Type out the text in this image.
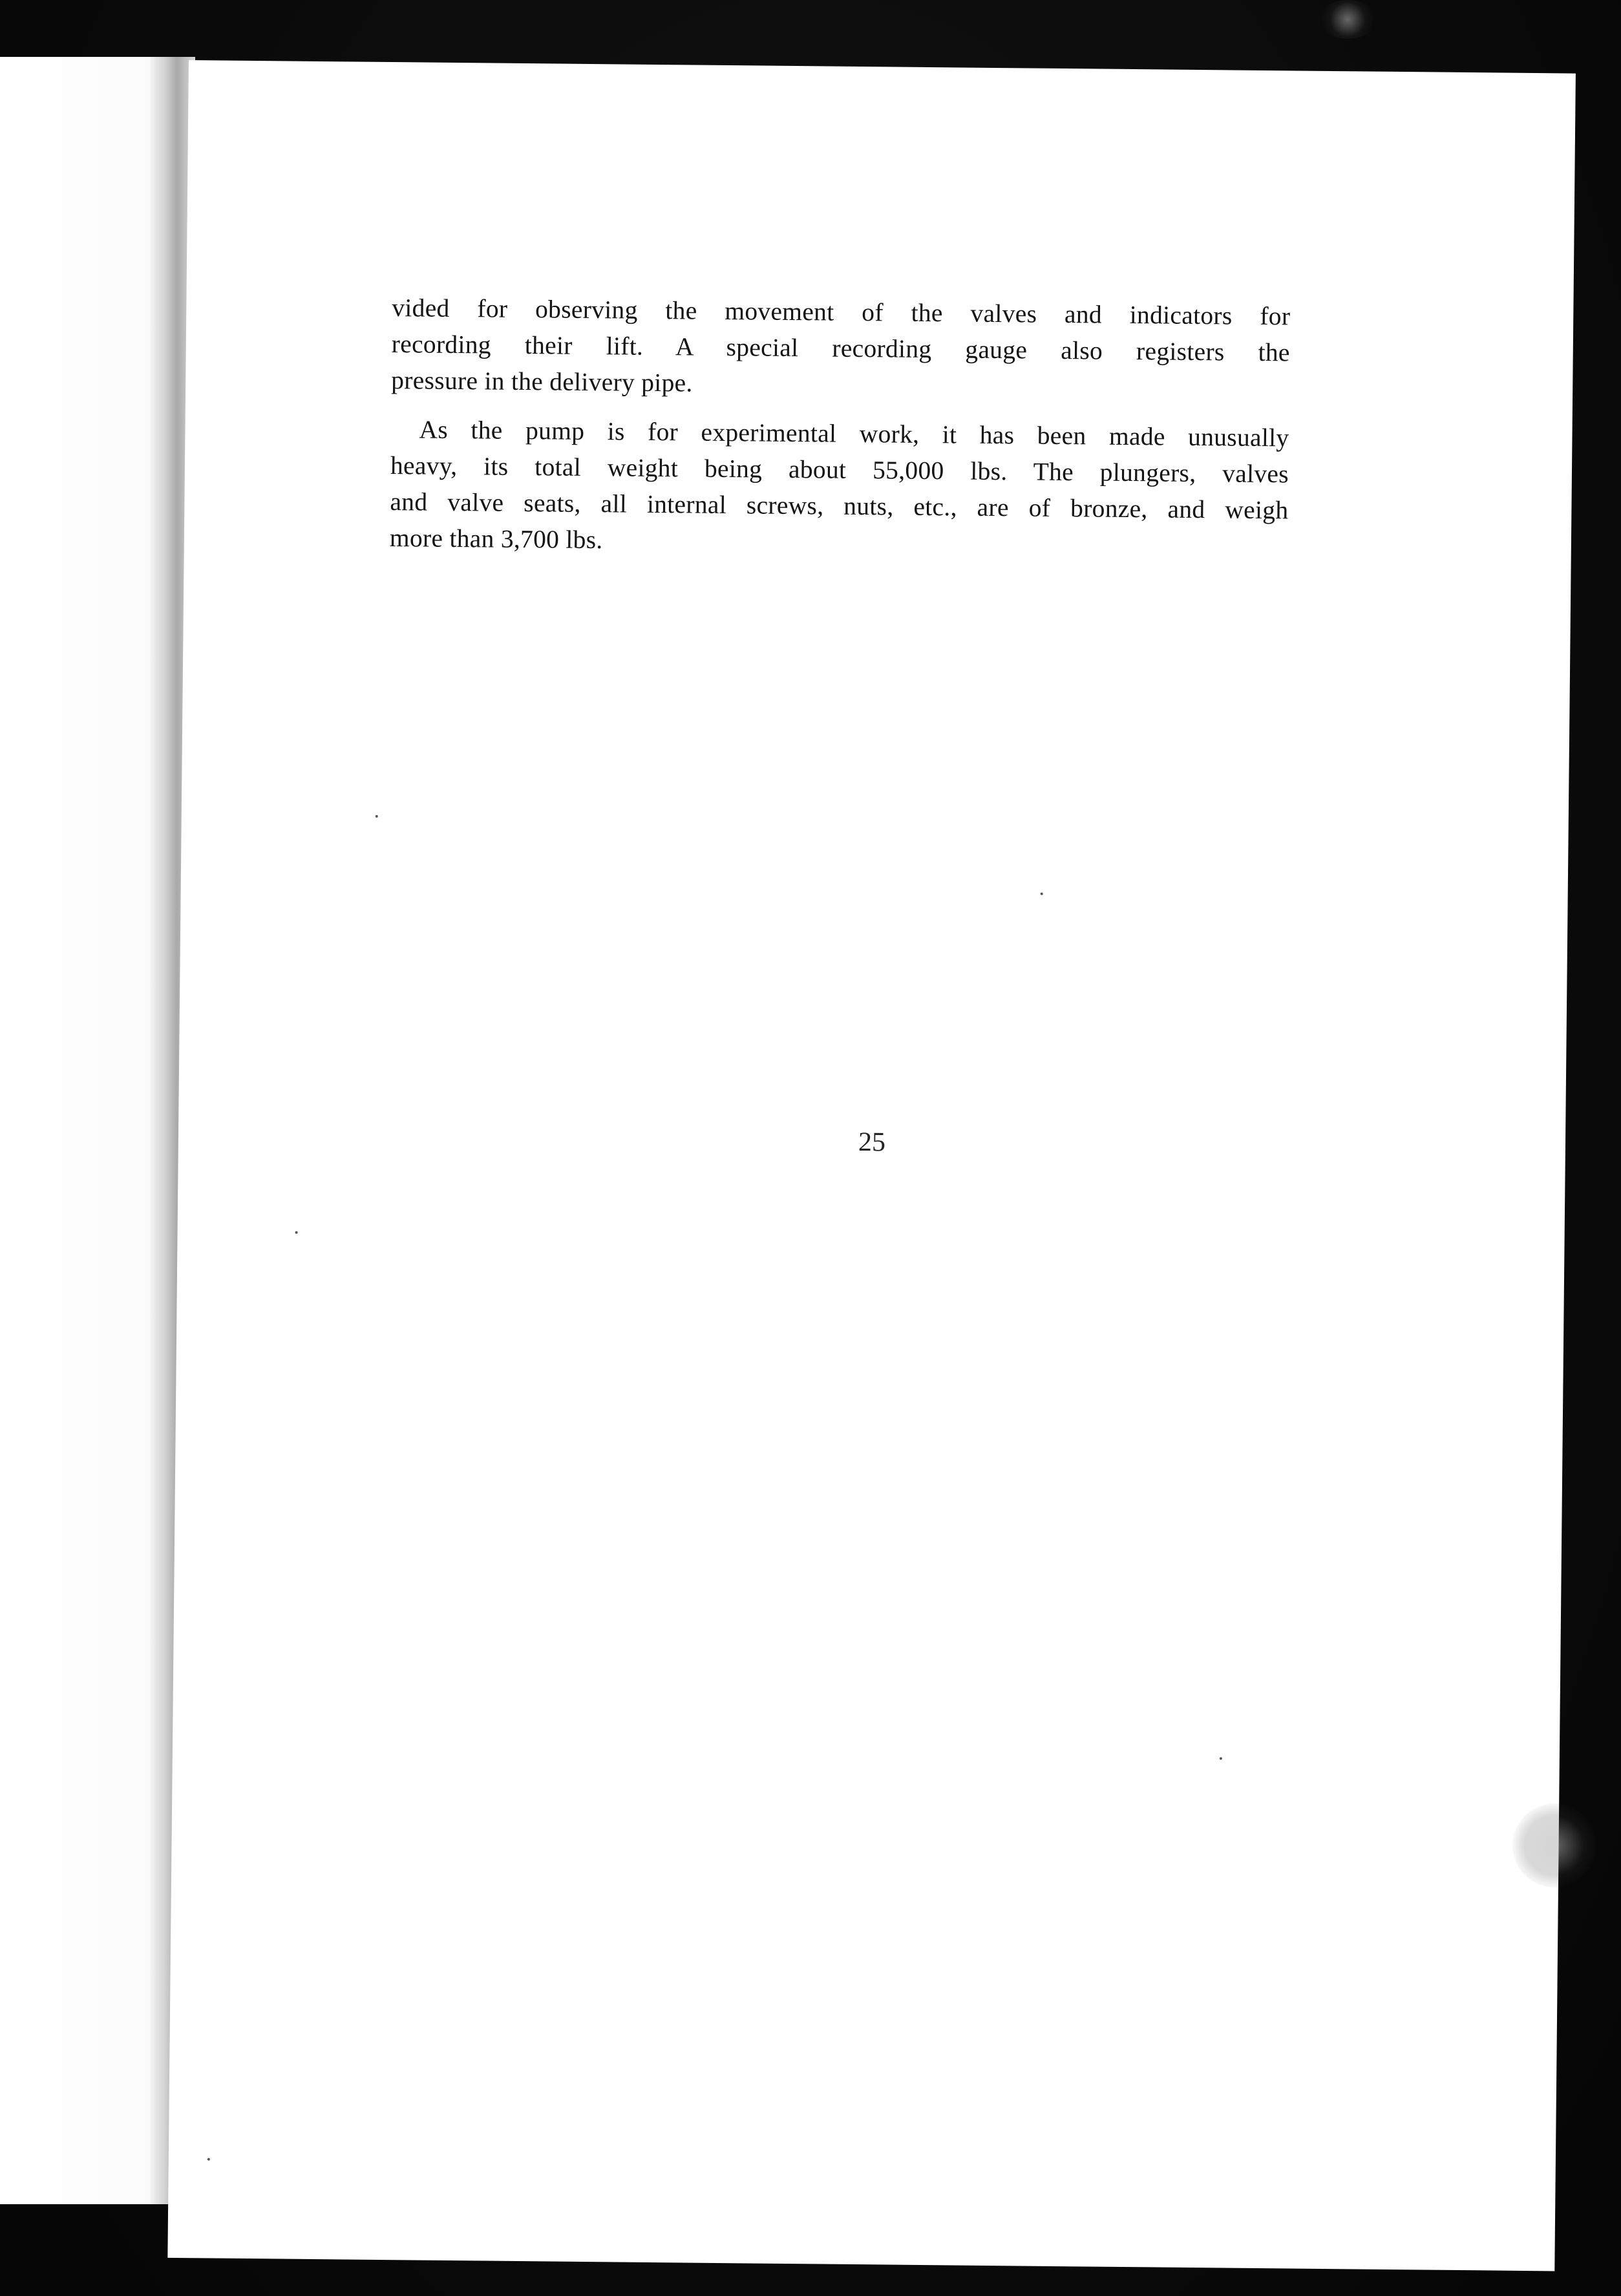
vided for observing the movement of the valves and indicators for
recording their lift. A special recording gauge also registers the
pressure in the delivery pipe.
As the pump is for experimental work, it has been made unusually
heavy, its total weight being about 55,000 lbs. The plungers, valves
and valve seats, all internal screws, nuts, etc., are of bronze, and weigh
more than 3,700 lbs.
25
